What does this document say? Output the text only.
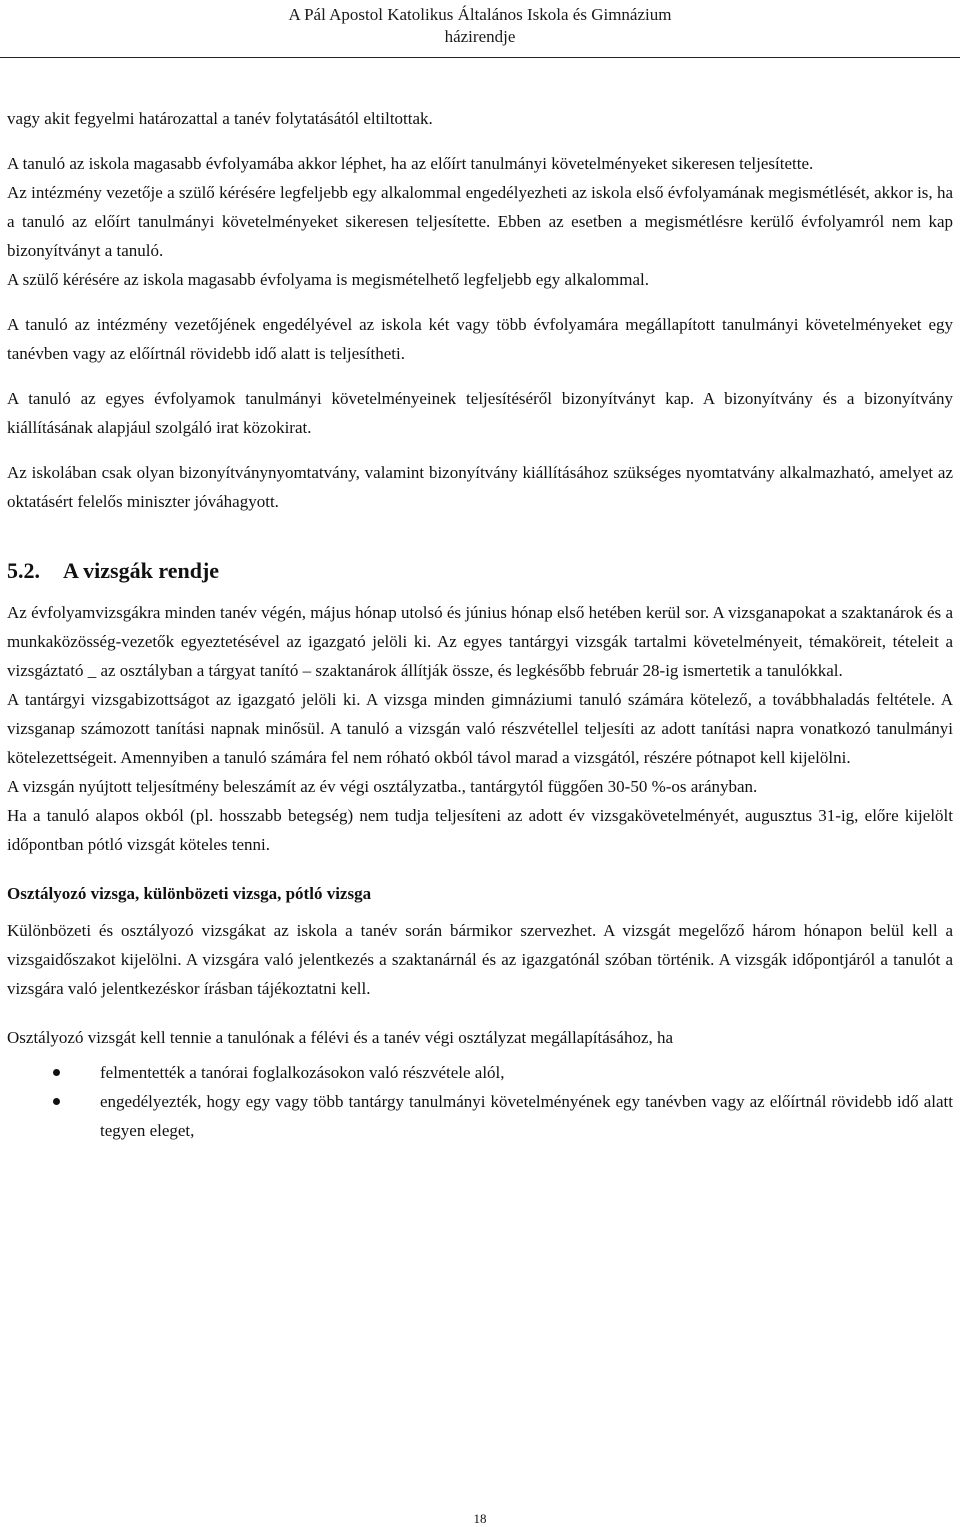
A Pál Apostol Katolikus Általános Iskola és Gimnázium
házirendje

vagy akit fegyelmi határozattal a tanév folytatásától eltiltottak.

A tanuló az iskola magasabb évfolyamába akkor léphet, ha az előírt tanulmányi követelményeket sikeresen teljesítette.

Az intézmény vezetője a szülő kérésére legfeljebb egy alkalommal engedélyezheti az iskola első évfolyamának megismétlését, akkor is, ha a tanuló az előírt tanulmányi követelményeket sikeresen teljesítette. Ebben az esetben a megismétlésre kerülő évfolyamról nem kap bizonyítványt a tanuló.

A szülő kérésére az iskola magasabb évfolyama is megismételhető legfeljebb egy alkalommal.

A tanuló az intézmény vezetőjének engedélyével az iskola két vagy több évfolyamára megállapított tanulmányi követelményeket egy tanévben vagy az előírtnál rövidebb idő alatt is teljesítheti.

A tanuló az egyes évfolyamok tanulmányi követelményeinek teljesítéséről bizonyítványt kap. A bizonyítvány és a bizonyítvány kiállításának alapjául szolgáló irat közokirat.

Az iskolában csak olyan bizonyítványnyomtatvány, valamint bizonyítvány kiállításához szükséges nyomtatvány alkalmazható, amelyet az oktatásért felelős miniszter jóváhagyott.

5.2. A vizsgák rendje

Az évfolyamvizsgákra minden tanév végén, május hónap utolsó és június hónap első hetében kerül sor. A vizsganapokat a szaktanárok és a munkaközösség-vezetők egyeztetésével az igazgató jelöli ki. Az egyes tantárgyi vizsgák tartalmi követelményeit, témaköreit, tételeit a vizsgáztató _ az osztályban a tárgyat tanító – szaktanárok állítják össze, és legkésőbb február 28-ig ismertetik a tanulókkal.

A tantárgyi vizsgabizottságot az igazgató jelöli ki. A vizsga minden gimnáziumi tanuló számára kötelező, a továbbhaladás feltétele. A vizsganap számozott tanítási napnak minősül. A tanuló a vizsgán való részvétellel teljesíti az adott tanítási napra vonatkozó tanulmányi kötelezettségeit. Amennyiben a tanuló számára fel nem róható okból távol marad a vizsgától, részére pótnapot kell kijelölni.

A vizsgán nyújtott teljesítmény beleszámít az év végi osztályzatba., tantárgytól függően 30-50 %-os arányban.

Ha a tanuló alapos okból (pl. hosszabb betegség) nem tudja teljesíteni az adott év vizsgakövetelményét, augusztus 31-ig, előre kijelölt időpontban pótló vizsgát köteles tenni.

Osztályozó vizsga, különbözeti vizsga, pótló vizsga

Különbözeti és osztályozó vizsgákat az iskola a tanév során bármikor szervezhet. A vizsgát megelőző három hónapon belül kell a vizsgaidőszakot kijelölni. A vizsgára való jelentkezés a szaktanárnál és az igazgatónál szóban történik. A vizsgák időpontjáról a tanulót a vizsgára való jelentkezéskor írásban tájékoztatni kell.

Osztályozó vizsgát kell tennie a tanulónak a félévi és a tanév végi osztályzat megállapításához, ha

felmentették a tanórai foglalkozásokon való részvétele alól,
engedélyezték, hogy egy vagy több tantárgy tanulmányi követelményének egy tanévben vagy az előírtnál rövidebb idő alatt tegyen eleget,
18
